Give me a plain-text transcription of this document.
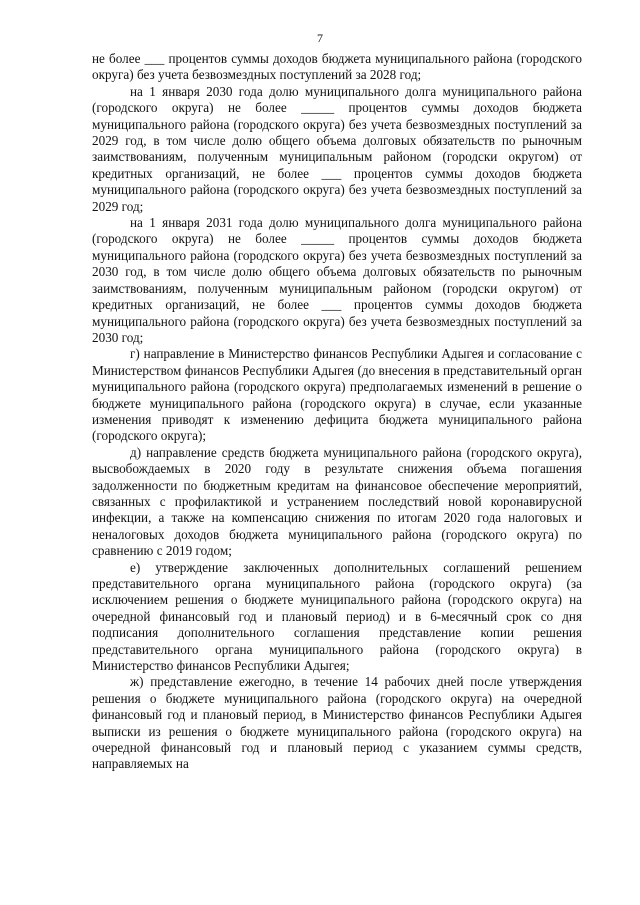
7

не более ___ процентов суммы доходов бюджета муниципального района (городского округа) без учета безвозмездных поступлений за 2028 год;

на 1 января 2030 года долю муниципального долга муниципального района (городского округа) не более _____ процентов суммы доходов бюджета муниципального района (городского округа) без учета безвозмездных поступлений за 2029 год, в том числе долю общего объема долговых обязательств по рыночным заимствованиям, полученным муниципальным районом (городски округом) от кредитных организаций, не более ___ процентов суммы доходов бюджета муниципального района (городского округа) без учета безвозмездных поступлений за 2029 год;

на 1 января 2031 года долю муниципального долга муниципального района (городского округа) не более _____ процентов суммы доходов бюджета муниципального района (городского округа) без учета безвозмездных поступлений за 2030 год, в том числе долю общего объема долговых обязательств по рыночным заимствованиям, полученным муниципальным районом (городски округом) от кредитных организаций, не более ___ процентов суммы доходов бюджета муниципального района (городского округа) без учета безвозмездных поступлений за 2030 год;

г) направление в Министерство финансов Республики Адыгея и согласование с Министерством финансов Республики Адыгея (до внесения в представительный орган муниципального района (городского округа) предполагаемых изменений в решение о бюджете муниципального района (городского округа) в случае, если указанные изменения приводят к изменению дефицита бюджета муниципального района (городского округа);

д) направление средств бюджета муниципального района (городского округа), высвобождаемых в 2020 году в результате снижения объема погашения задолженности по бюджетным кредитам на финансовое обеспечение мероприятий, связанных с профилактикой и устранением последствий новой коронавирусной инфекции, а также на компенсацию снижения по итогам 2020 года налоговых и неналоговых доходов бюджета муниципального района (городского округа) по сравнению с 2019 годом;

е) утверждение заключенных дополнительных соглашений решением представительного органа муниципального района (городского округа) (за исключением решения о бюджете муниципального района (городского округа) на очередной финансовый год и плановый период) и в 6-месячный срок со дня подписания дополнительного соглашения представление копии решения представительного органа муниципального района (городского округа) в Министерство финансов Республики Адыгея;

ж) представление ежегодно, в течение 14 рабочих дней после утверждения решения о бюджете муниципального района (городского округа) на очередной финансовый год и плановый период, в Министерство финансов Республики Адыгея выписки из решения о бюджете муниципального района (городского округа) на очередной финансовый год и плановый период с указанием суммы средств, направляемых на
